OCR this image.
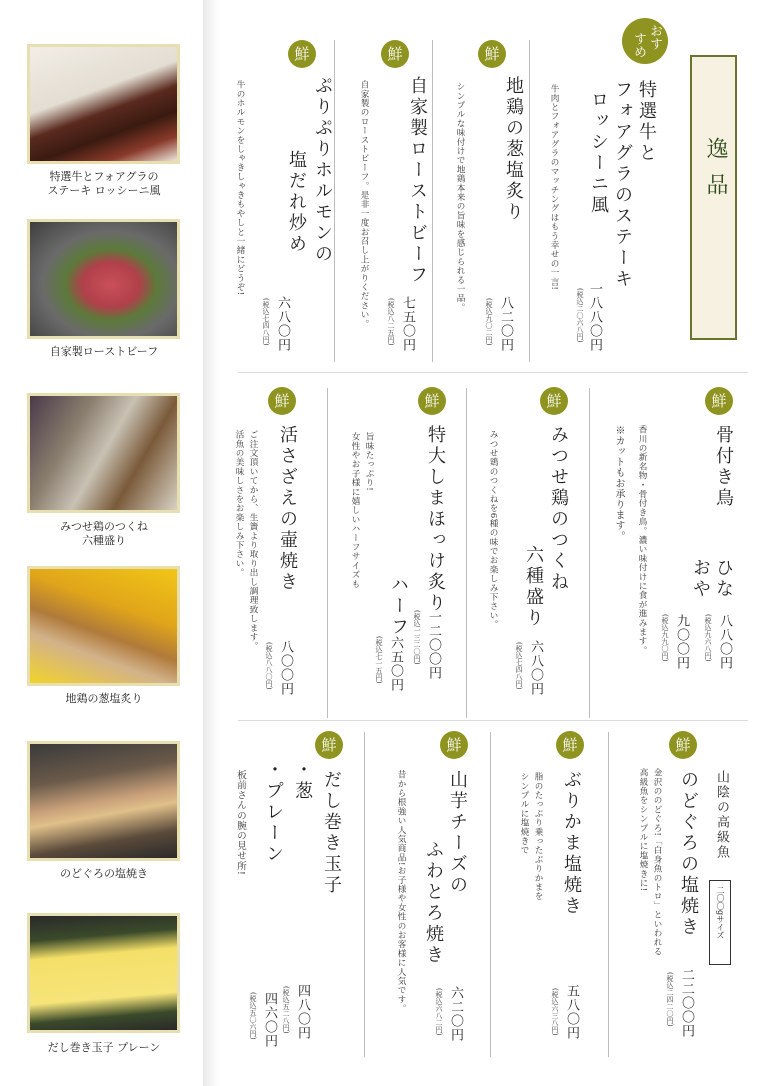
特選牛とフォアグラの
ステーキ ロッシーニ風
自家製ローストビーフ
みつせ鶏のつくね
六種盛り
地鶏の葱塩炙り
のどぐろの塩焼き
だし巻き玉子 プレーン
逸品
おす
すめ
特選牛と
フォアグラのステーキ
ロッシーニ風
牛肉とフォアグラのマッチングはもう幸せの一言!
一八八〇円
(税込二〇六八円)
鮮
地鶏の葱塩炙り
シンプルな味付けで地鶏本来の旨味を感じられる一品。
八二〇円
(税込九〇二円)
鮮
自家製ローストビーフ
自家製のローストビーフ。是非一度お召し上がりください。 七五〇円
(税込八二五円)
鮮
ぷりぷりホルモンの
塩だれ炒め
牛のホルモンをしゃきしゃきもやしと一緒にどうぞ!
六八〇円
(税込七四八円)
鮮
骨付き鳥
ひな
おや
香川の新名物・骨付き鳥。濃い味付けに食が進みます。
※カットもお承ります。
八八〇円
(税込九六八円)
九〇〇円
(税込九九〇円)
鮮
みつせ鶏のつくね
六種盛り
みつせ鶏のつくねを6種の味でお楽しみ下さい。
六八〇円
(税込七四八円)
鮮
特大しまほっけ炙り
ハーフ
旨味たっぷり!
女性やお子様に嬉しいハーフサイズも
一二〇〇円
(税込一三二〇円)
六五〇円
(税込七一五円)
鮮
活さざえの壷焼き
ご注文頂いてから、生簀より取り出し調理致します。
活魚の美味しさをお楽しみ下さい。
八〇〇円
(税込八八〇円)
鮮
山陰の高級魚
二〇〇gサイズ
のどぐろの塩焼き
金沢ののどぐろ!「白身魚のトロ」といわれる
高級魚をシンプルに塩焼きに!
二二〇〇円
(税込二四二〇円)
鮮
ぶりかま塩焼き
脂のたっぷり乗ったぶりかまを
シンプルに塩焼きで
五八〇円
(税込六三八円)
鮮
山芋チーズの
ふわとろ焼き
昔から根強い人気商品!お子様や女性のお客様に人気です。
六二〇円
(税込六八二円)
鮮
だし巻き玉子
・葱
・プレーン
板前さんの腕の見せ所!
四八〇円
(税込五二八円)
四六〇円
(税込五〇六円)
